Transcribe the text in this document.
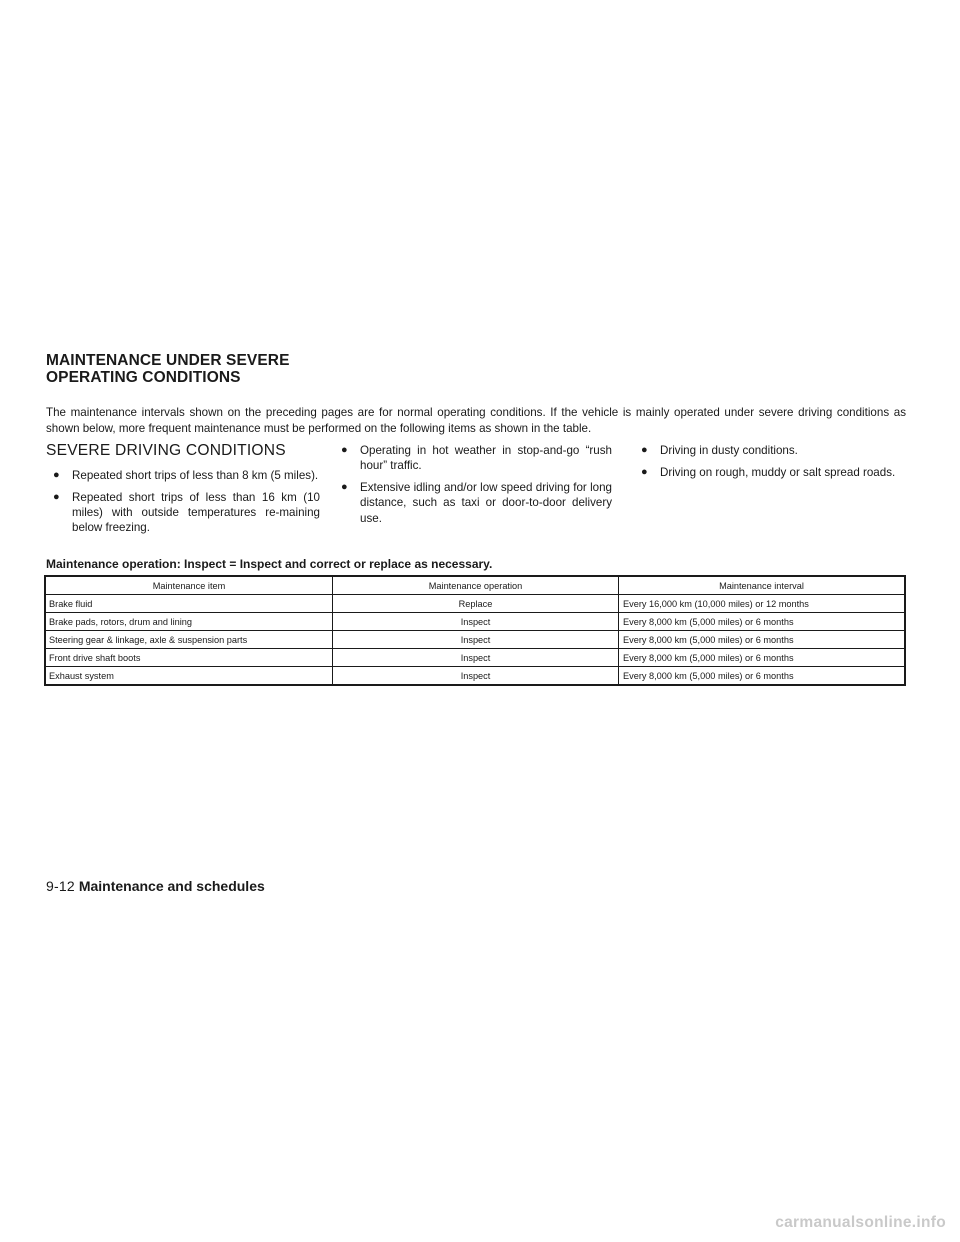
MAINTENANCE UNDER SEVERE
OPERATING CONDITIONS

The maintenance intervals shown on the preceding pages are for normal operating conditions. If the vehicle is mainly operated under severe driving conditions as shown below, more frequent maintenance must be performed on the following items as shown in the table.

SEVERE DRIVING CONDITIONS
● Repeated short trips of less than 8 km (5 miles).
● Repeated short trips of less than 16 km (10 miles) with outside temperatures re-maining below freezing.
● Operating in hot weather in stop-and-go “rush hour” traffic.
● Extensive idling and/or low speed driving for long distance, such as taxi or door-to-door delivery use.
● Driving in dusty conditions.
● Driving on rough, muddy or salt spread roads.

Maintenance operation: Inspect = Inspect and correct or replace as necessary.

Maintenance item	Maintenance operation	Maintenance interval
Brake fluid	Replace	Every 16,000 km (10,000 miles) or 12 months
Brake pads, rotors, drum and lining	Inspect	Every 8,000 km (5,000 miles) or 6 months
Steering gear & linkage, axle & suspension parts	Inspect	Every 8,000 km (5,000 miles) or 6 months
Front drive shaft boots	Inspect	Every 8,000 km (5,000 miles) or 6 months
Exhaust system	Inspect	Every 8,000 km (5,000 miles) or 6 months

9-12 Maintenance and schedules

carmanualsonline.info
